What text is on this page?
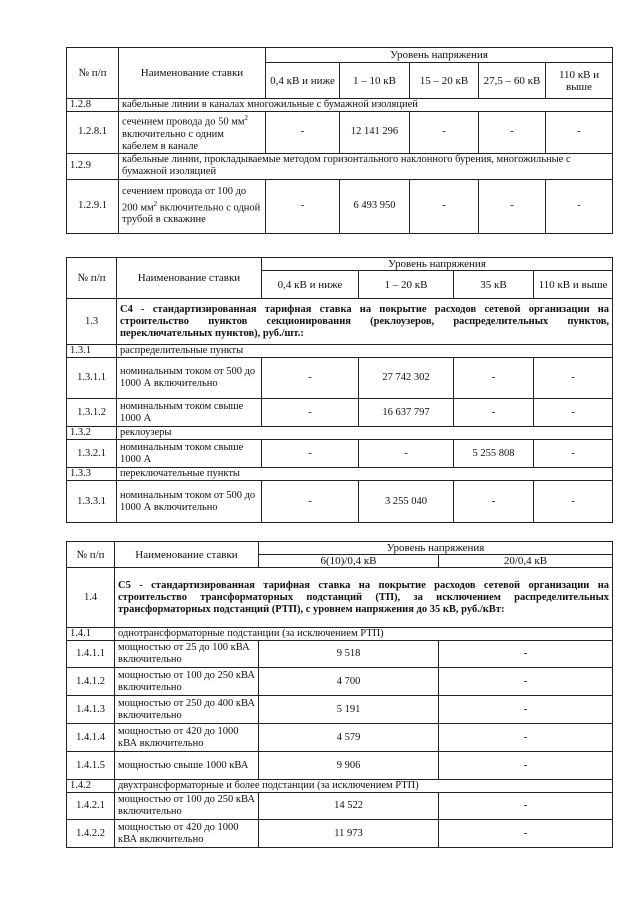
№ п/п	Наименование ставки	Уровень напряжения				
		0,4 кВ и ниже	1 – 10 кВ	15 – 20 кВ	27,5 – 60 кВ	110 кВ и выше
1.2.8	кабельные линии в каналах многожильные с бумажной изоляцией					
1.2.8.1	сечением провода до 50 $мм^2$ включительно с одним кабелем в канале	-	12 141 296	-	-	-
1.2.9	кабельные линии, прокладываемые методом горизонтального наклонного бурения, многожильные с бумажной изоляцией					
1.2.9.1	сечением провода от 100 до 200 $мм^2$ включительно с одной трубой в скважине	-	6 493 950	-	-	-
№ п/п	Наименование ставки	Уровень напряжения			
		0,4 кВ и ниже	1 – 20 кВ	35 кВ	110 кВ и выше
1.3	С4 - стандартизированная тарифная ставка на покрытие расходов сетевой организации на строительство пунктов секционирования (реклоузеров, распределительных пунктов, переключательных пунктов), руб./шт.:				
1.3.1	распределительные пункты				
1.3.1.1	номинальным током от 500 до 1000 А включительно	-	27 742 302	-	-
1.3.1.2	номинальным током свыше 1000 А	-	16 637 797	-	-
1.3.2	реклоузеры				
1.3.2.1	номинальным током свыше 1000 А	-	-	5 255 808	-
1.3.3	переключательные пункты				
1.3.3.1	номинальным током от 500 до 1000 А включительно	-	3 255 040	-	-
№ п/п	Наименование ставки	Уровень напряжения	
		6(10)/0,4 кВ	20/0,4 кВ
1.4	С5 - стандартизированная тарифная ставка на покрытие расходов сетевой организации на строительство трансформаторных подстанций (ТП), за исключением распределительных трансформаторных подстанций (РТП), с уровнем напряжения до 35 кВ, руб./кВт:		
1.4.1	однотрансформаторные подстанции (за исключением РТП)		
1.4.1.1	мощностью от 25 до 100 кВА включительно	9 518	-
1.4.1.2	мощностью от 100 до 250 кВА включительно	4 700	-
1.4.1.3	мощностью от 250 до 400 кВА включительно	5 191	-
1.4.1.4	мощностью от 420 до 1000 кВА включительно	4 579	-
1.4.1.5	мощностью свыше 1000 кВА	9 906	-
1.4.2	двухтрансформаторные и более подстанции (за исключением РТП)		
1.4.2.1	мощностью от 100 до 250 кВА включительно	14 522	-
1.4.2.2	мощностью от 420 до 1000 кВА включительно	11 973	-
